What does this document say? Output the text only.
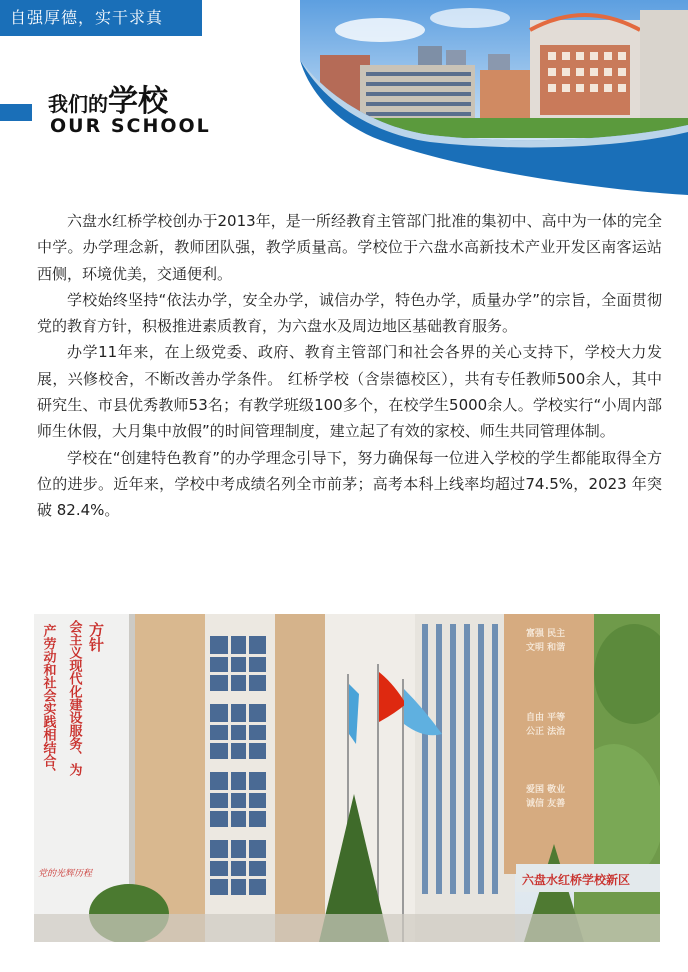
自强厚德，实干求真
我们的学校
OUR SCHOOL

六盘水红桥学校创办于2013年，是一所经教育主管部门批准的集初中、高中为一体的完全中学。办学理念新，教师团队强，教学质量高。学校位于六盘水高新技术产业开发区南客运站西侧，环境优美，交通便利。

学校始终坚持“依法办学，安全办学，诚信办学，特色办学，质量办学”的宗旨，全面贯彻党的教育方针，积极推进素质教育，为六盘水及周边地区基础教育服务。

办学11年来，在上级党委、政府、教育主管部门和社会各界的关心支持下，学校大力发展，兴修校舍，不断改善办学条件。 红桥学校（含崇德校区），共有专任教师500余人，其中研究生、市县优秀教师53名；有教学班级100多个，在校学生5000余人。学校实行“小周内部师生休假，大月集中放假”的时间管理制度，建立起了有效的家校、师生共同管理体制。

学校在“创建特色教育”的办学理念引导下，努力确保每一位进入学校的学生都能取得全方位的进步。近年来，学校中考成绩名列全市前茅；高考本科上线率均超过74.5%，2023 年突破 82.4%。

六盘水红桥学校新区
方针
会主义现代化建设服务、为
产劳动和社会实践相结合、
党的光辉历程
富强 民主
文明 和谐
自由 平等
公正 法治
爱国 敬业
诚信 友善
